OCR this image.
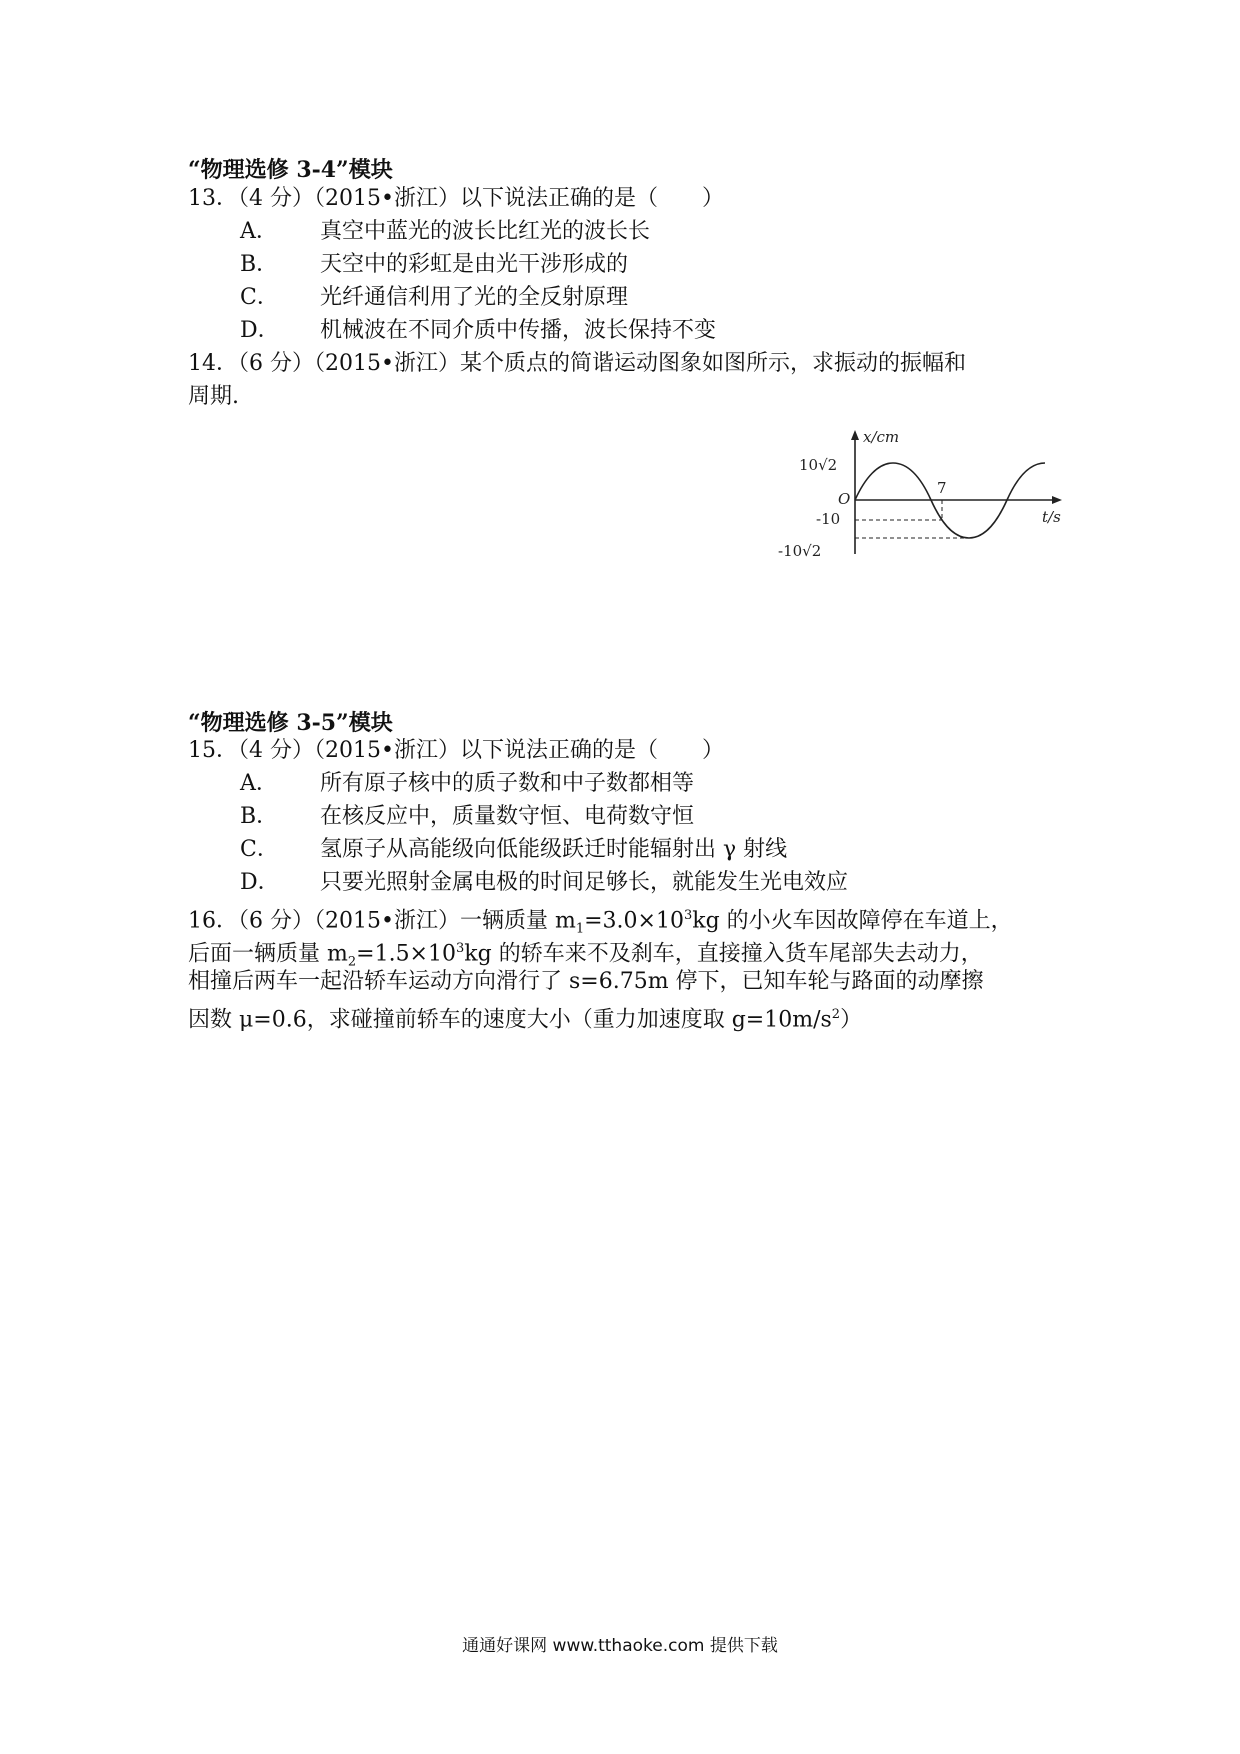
“物理选修 3-4”模块
13．（4 分）（2015•浙江）以下说法正确的是（　　）
A． 真空中蓝光的波长比红光的波长长
B． 天空中的彩虹是由光干涉形成的
C． 光纤通信利用了光的全反射原理
D． 机械波在不同介质中传播，波长保持不变
14．（6 分）（2015•浙江）某个质点的简谐运动图象如图所示，求振动的振幅和
周期.
x/cm
t/s
O
10√2
-10
-10√2
7
“物理选修 3-5”模块
15．（4 分）（2015•浙江）以下说法正确的是（　　）
A． 所有原子核中的质子数和中子数都相等
B． 在核反应中，质量数守恒、电荷数守恒
C． 氢原子从高能级向低能级跃迁时能辐射出 γ 射线
D． 只要光照射金属电极的时间足够长，就能发生光电效应
16．（6 分）（2015•浙江）一辆质量 $m_1=3.0\times 10^3kg$ 的小火车因故障停在车道上，
后面一辆质量 $m_2=1.5\times 10^3kg$ 的轿车来不及刹车，直接撞入货车尾部失去动力，
相撞后两车一起沿轿车运动方向滑行了 s=6.75m 停下，已知车轮与路面的动摩擦
因数 μ=0.6，求碰撞前轿车的速度大小（重力加速度取 $g=10m/s^2$）
通通好课网 www.tthaoke.com 提供下载
